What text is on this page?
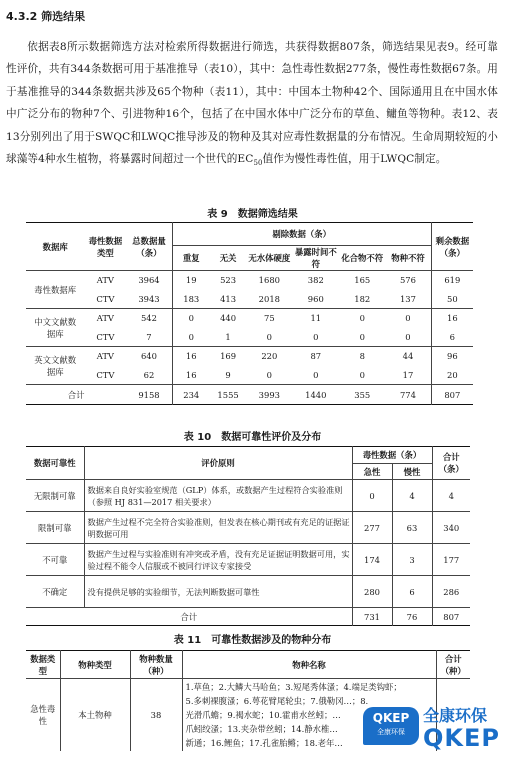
4.3.2 筛选结果

依据表8所示数据筛选方法对检索所得数据进行筛选，共获得数据807条，筛选结果见表9。经可靠性评价，共有344条数据可用于基准推导（表10），其中：急性毒性数据277条，慢性毒性数据67条。用于基准推导的344条数据共涉及65个物种（表11），其中：中国本土物种42个、国际通用且在中国水体中广泛分布的物种7个、引进物种16个，包括了在中国水体中广泛分布的草鱼、鳙鱼等物种。表12、表13分别列出了用于SWQC和LWQC推导涉及的物种及其对应毒性数据量的分布情况。生命周期较短的小球藻等4种水生植物，将暴露时间超过一个世代的$EC_{50}$值作为慢性毒性值，用于LWQC制定。

表 9　数据筛选结果
数据库	毒性数据类型	总数据量（条）	剔除数据（条）						剩余数据（条）
			重复	无关	无水体硬度	暴露时间不符	化合物不符	物种不符	
毒性数据库	ATV	3964	19	523	1680	382	165	576	619
	CTV	3943	183	413	2018	960	182	137	50
中文文献数据库	ATV	542	0	440	75	11	0	0	16
	CTV	7	0	1	0	0	0	0	6
英文文献数据库	ATV	640	16	169	220	87	8	44	96
	CTV	62	16	9	0	0	0	17	20
合计		9158	234	1555	3993	1440	355	774	807
表 10　数据可靠性评价及分布
数据可靠性	评价原则	毒性数据（条）		合计（条）
		急性	慢性	
无限制可靠	数据来自良好实验室规范（GLP）体系，或数据产生过程符合实验准则（参照 HJ 831—2017 相关要求）	0	4	4
限制可靠	数据产生过程不完全符合实验准则，但发表在核心期刊或有充足的证据证明数据可用	277	63	340
不可靠	数据产生过程与实验准则有冲突或矛盾，没有充足证据证明数据可用，实验过程不能令人信服或不被同行评议专家接受	174	3	177
不确定	没有提供足够的实验细节，无法判断数据可靠性	280	6	286
合计		731	76	807
表 11　可靠性数据涉及的物种分布
数据类型	物种类型	物种数量（种）	物种名称	合计（种）
急性毒性	本土物种	38	1.草鱼；2.大鳞大马哈鱼；3.短尾秀体溞；4.端足类钩虾；
5.多刺裸腹溞；6.萼花臂尾轮虫；7.俄勒冈…；8.
光滑爪蟾；9.褐水蛇；10.霍甫水丝蚓；…
爪蚓绞溞；13.夹杂带丝蚓；14.静水椎…
新通；16.鲤鱼；17.孔雀胎鳉；18.老年…	

QKEP
全康环保
全康环保
QKEP
